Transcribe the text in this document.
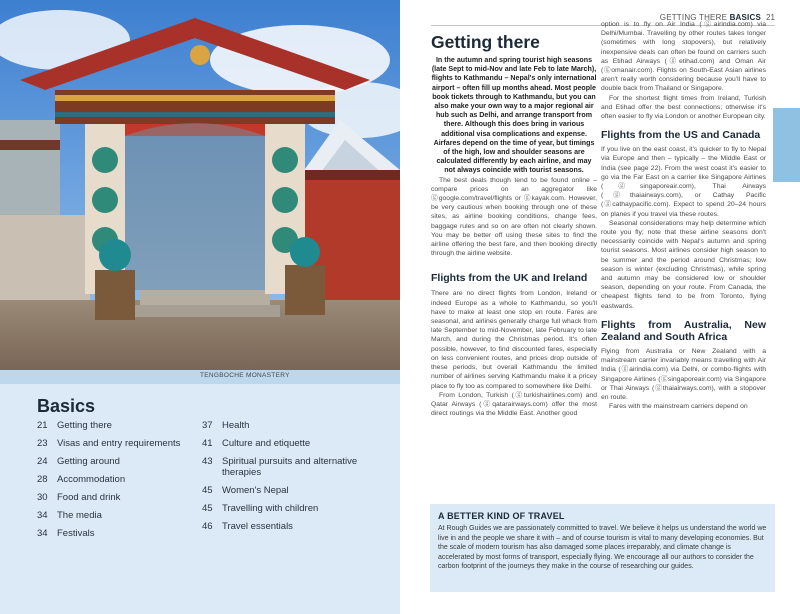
TENGBOCHE MONASTERY
Basics
21 Getting there
23 Visas and entry requirements
24 Getting around
28 Accommodation
30 Food and drink
34 The media
34 Festivals
37 Health
41 Culture and etiquette
43 Spiritual pursuits and alternative therapies
45 Women's Nepal
45 Travelling with children
46 Travel essentials
GETTING THERE BASICS 21
Getting there

In the autumn and spring tourist high seasons (late Sept to mid-Nov and late Feb to late March), flights to Kathmandu – Nepal's only international airport – often fill up months ahead. Most people book tickets through to Kathmandu, but you can also make your own way to a major regional air hub such as Delhi, and arrange transport from there. Although this does bring in various additional visa complications and expense. Airfares depend on the time of year, but timings of the high, low and shoulder seasons are calculated differently by each airline, and may not always coincide with tourist seasons.

The best deals though tend to be found online – compare prices on an aggregator like ⓖgoogle.com/travel/flights or ⓖkayak.com. However, be very cautious when booking through one of these sites, as airline booking conditions, change fees, baggage rules and so on are often not clearly shown. You may be better off using these sites to find the airline offering the best fare, and then booking directly through the airline website.

Flights from the UK and Ireland

There are no direct flights from London, Ireland or indeed Europe as a whole to Kathmandu, so you'll have to make at least one stop en route. Fares are seasonal, and airlines generally charge full whack from late September to mid-November, late February to late March, and during the Christmas period. It's often possible, however, to find discounted fares, especially on less convenient routes, and prices drop outside of these periods, but overall Kathmandu the limited number of airlines serving Kathmandu make it a pricey place to fly too as compared to somewhere like Delhi.

From London, Turkish (ⓖturkishairlines.com) and Qatar Airways (ⓖqatarairways.com) offer the most direct routings via the Middle East. Another good

option is to fly on Air India (ⓖairindia.com) via Delhi/Mumbai. Travelling by other routes takes longer (sometimes with long stopovers), but relatively inexpensive deals can often be found on carriers such as Etihad Airways (ⓖetihad.com) and Oman Air (ⓖomanair.com). Flights on South-East Asian airlines aren't really worth considering because you'll have to double back from Thailand or Singapore.

For the shortest flight times from Ireland, Turkish and Etihad offer the best connections; otherwise it's often easier to fly via London or another European city.

Flights from the US and Canada

If you live on the east coast, it's quicker to fly to Nepal via Europe and then – typically – the Middle East or India (see page 22). From the west coast it's easier to go via the Far East on a carrier like Singapore Airlines (ⓖsingaporeair.com), Thai Airways (ⓖthaiairways.com), or Cathay Pacific (ⓖcathaypacific.com). Expect to spend 20–24 hours on planes if you travel via these routes.

Seasonal considerations may help determine which route you fly; note that these airline seasons don't necessarily coincide with Nepal's autumn and spring tourist seasons. Most airlines consider high season to be summer and the period around Christmas; low season is winter (excluding Christmas), while spring and autumn may be considered low or shoulder season, depending on your route. From Canada, the cheapest flights tend to be from Toronto, flying eastwards.

Flights from Australia, New Zealand and South Africa

Flying from Australia or New Zealand with a mainstream carrier invariably means travelling with Air India (ⓖairindia.com) via Delhi, or combo-flights with Singapore Airlines (ⓖsingaporeair.com) via Singapore or Thai Airways (ⓖthaiairways.com), with a stopover en route.

Fares with the mainstream carriers depend on

A BETTER KIND OF TRAVEL
At Rough Guides we are passionately committed to travel. We believe it helps us understand the world we live in and the people we share it with – and of course tourism is vital to many developing economies. But the scale of modern tourism has also damaged some places irreparably, and climate change is accelerated by most forms of transport, especially flying. We encourage all our authors to consider the carbon footprint of the journeys they make in the course of researching our guides.
